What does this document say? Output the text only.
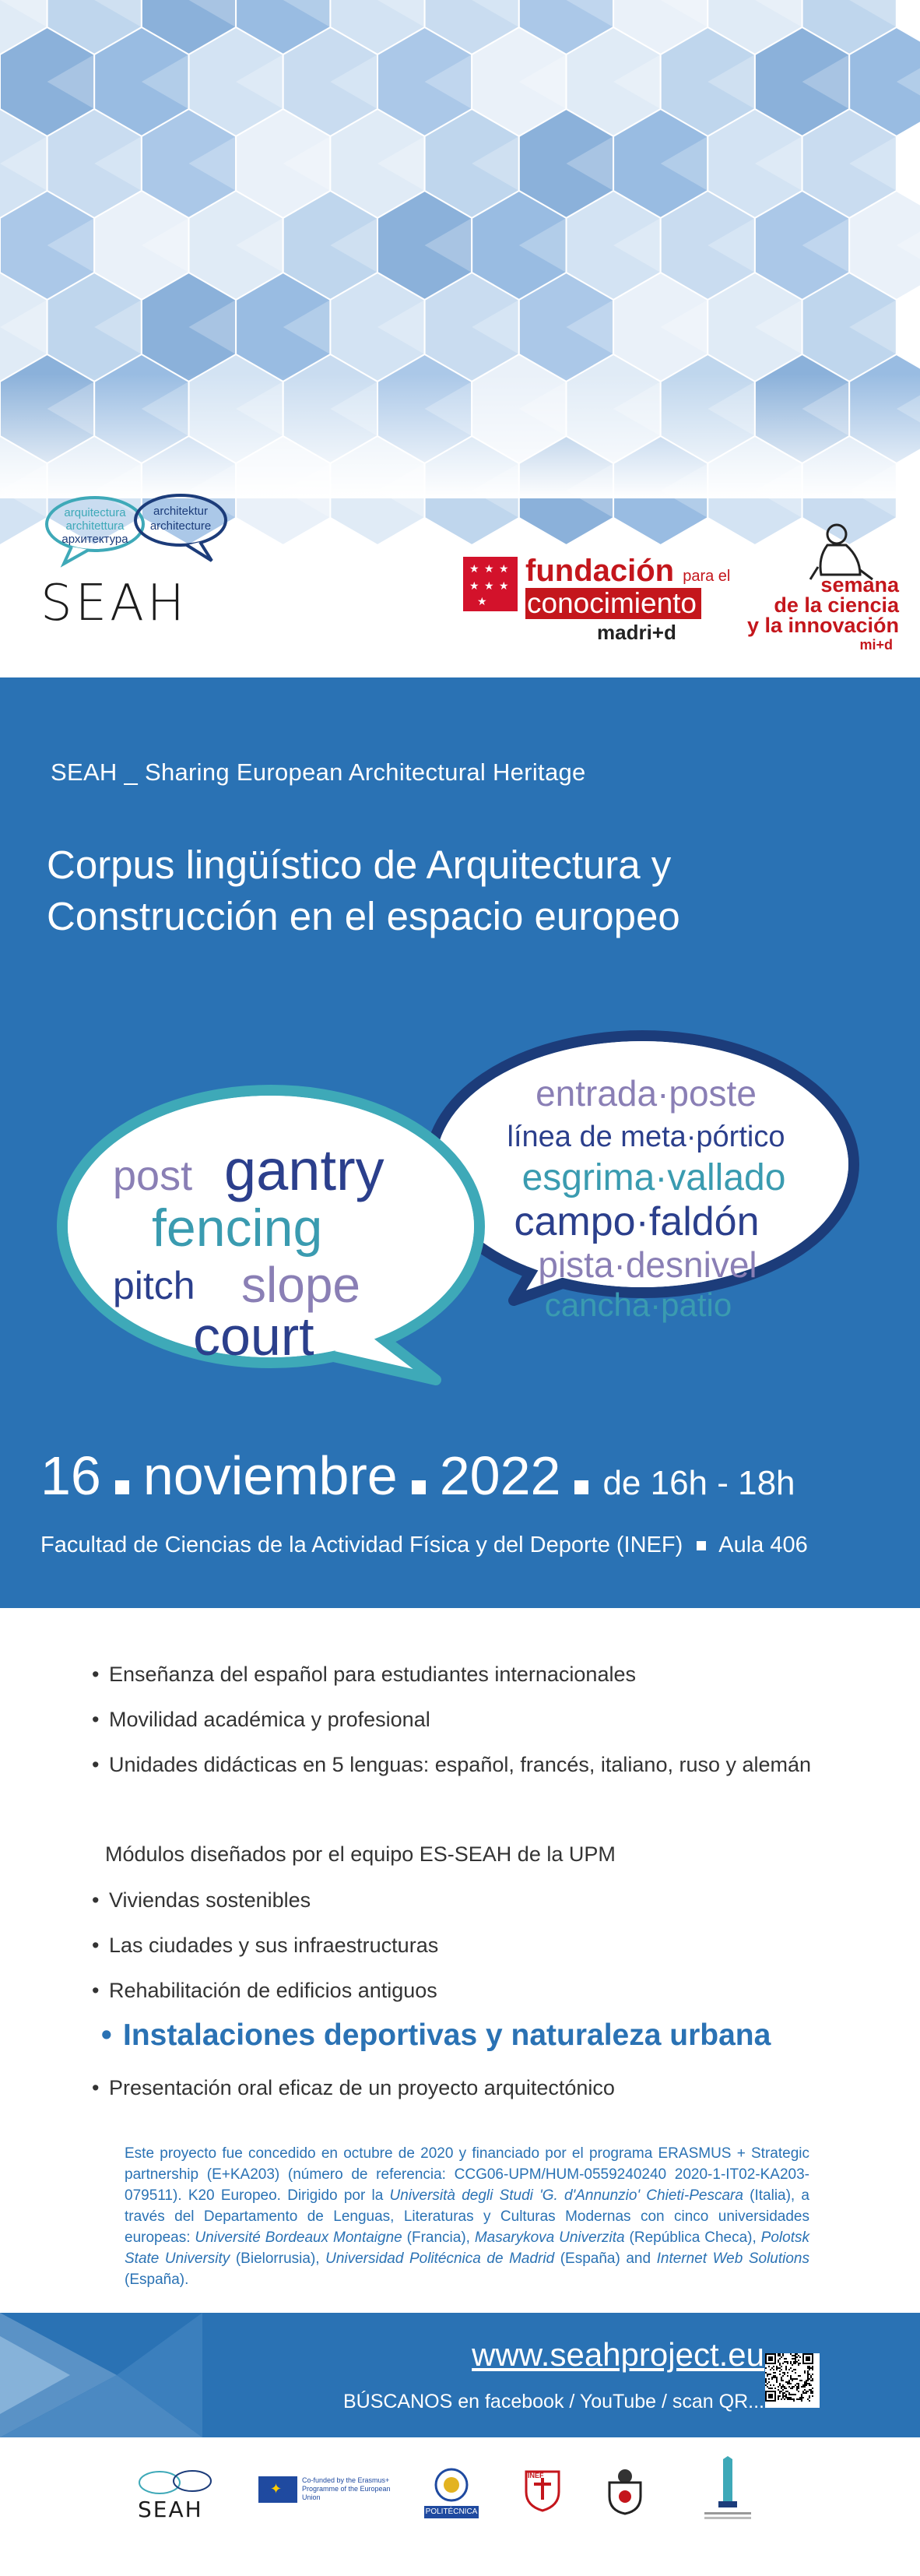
arquitectura
architettura
архитектура
architektur
architecture
SEAH
★ ★ ★
★ ★ ★
★
fundación para el
conocimiento
madri+d
semana
de la ciencia
y la innovación
mi+d
SEAH _ Sharing European Architectural Heritage
Corpus lingüístico de Arquitectura y
Construcción en el espacio europeo
post gantry
fencing
pitch slope
court
entrada·poste
línea de meta·pórtico
esgrima·vallado
campo·faldón
pista·desnivel
cancha·patio
16 noviembre 2022 de 16h - 18h
Facultad de Ciencias de la Actividad Física y del Deporte (INEF) Aula 406
• Enseñanza del español para estudiantes internacionales
• Movilidad académica y profesional
• Unidades didácticas en 5 lenguas: español, francés, italiano, ruso y alemán
Módulos diseñados por el equipo ES-SEAH de la UPM
• Viviendas sostenibles
• Las ciudades y sus infraestructuras
• Rehabilitación de edificios antiguos
• Instalaciones deportivas y naturaleza urbana
• Presentación oral eficaz de un proyecto arquitectónico
Este proyecto fue concedido en octubre de 2020 y financiado por el programa ERASMUS + Strategic partnership (E+KA203) (número de referencia: CCG06-UPM/HUM-0559240240 2020-1-IT02-KA203-079511). K20 Europeo. Dirigido por la Università degli Studi 'G. d'Annunzio' Chieti-Pescara (Italia), a través del Departamento de Lenguas, Literaturas y Culturas Modernas con cinco universidades europeas: Université Bordeaux Montaigne (Francia), Masarykova Univerzita (República Checa), Polotsk State University (Bielorrusia), Universidad Politécnica de Madrid (España) and Internet Web Solutions (España).
www.seahproject.eu
BÚSCANOS en facebook / YouTube / scan QR...
SEAH
✦
Co-funded by the Erasmus+ Programme of the European Union
POLITÉCNICA
INEF
